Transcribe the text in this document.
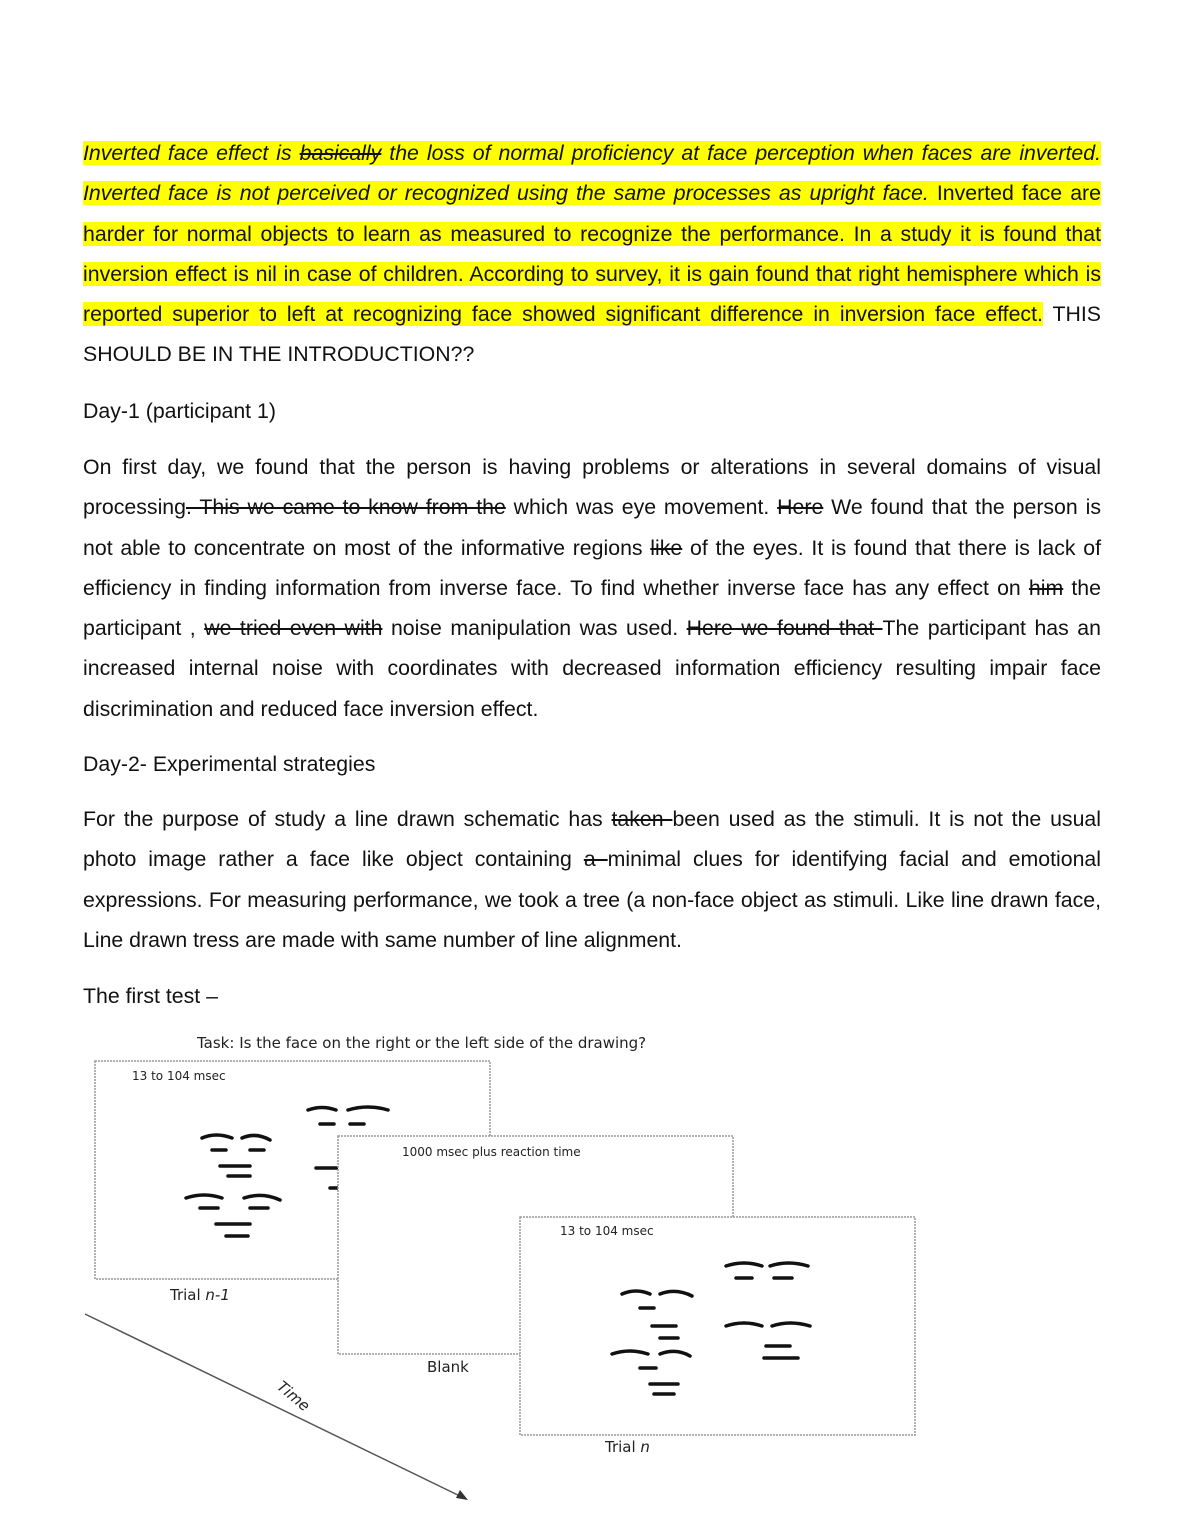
Inverted face effect is basically the loss of normal proficiency at face perception when faces are inverted. Inverted face is not perceived or recognized using the same processes as upright face. Inverted face are harder for normal objects to learn as measured to recognize the performance. In a study it is found that inversion effect is nil in case of children. According to survey, it is gain found that right hemisphere which is reported superior to left at recognizing face showed significant difference in inversion face effect. THIS SHOULD BE IN THE INTRODUCTION??

Day-1 (participant 1)

On first day, we found that the person is having problems or alterations in several domains of visual processing. This we came to know from the which was eye movement. Here We found that the person is not able to concentrate on most of the informative regions like of the eyes. It is found that there is lack of efficiency in finding information from inverse face. To find whether inverse face has any effect on him the participant , we tried even with noise manipulation was used. Here we found that The participant has an increased internal noise with coordinates with decreased information efficiency resulting impair face discrimination and reduced face inversion effect.

Day-2- Experimental strategies

For the purpose of study a line drawn schematic has taken been used as the stimuli. It is not the usual photo image rather a face like object containing a minimal clues for identifying facial and emotional expressions. For measuring performance, we took a tree (a non-face object as stimuli. Like line drawn face, Line drawn tress are made with same number of line alignment.

The first test –

Task: Is the face on the right or the left side of the drawing?
13 to 104 msec
Trial n-1
1000 msec plus reaction time
Blank
13 to 104 msec
Trial n
Time
